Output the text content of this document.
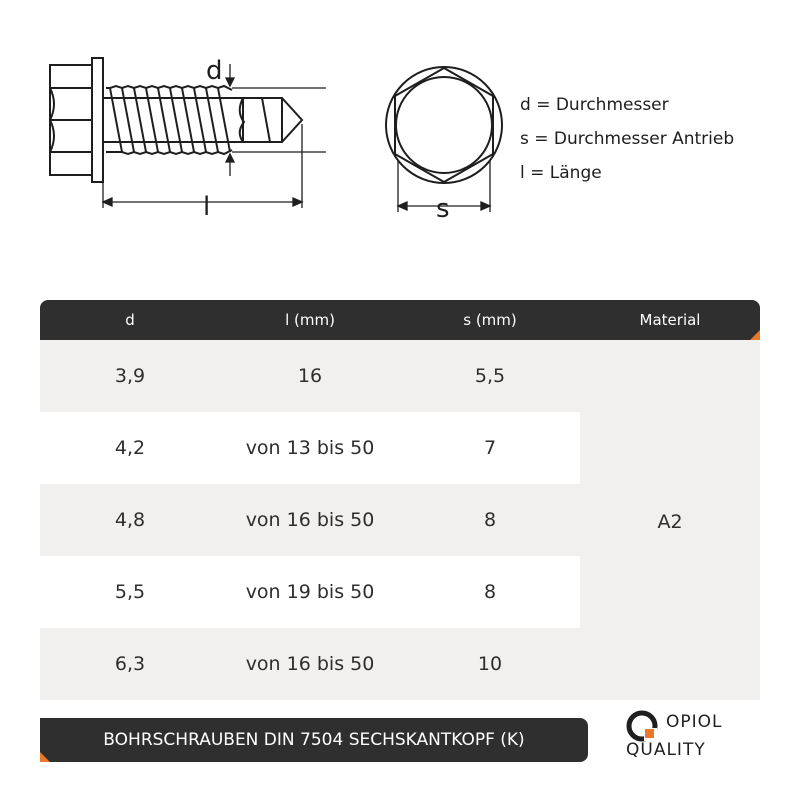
d
l	s
d = Durchmesser
s = Durchmesser Antrieb
l = Länge
d	l (mm)	s (mm)	Material
3,9	16	5,5
4,2	von 13 bis 50	7
4,8	von 16 bis 50	8
5,5	von 19 bis 50	8
6,3	von 16 bis 50	10
A2
BOHRSCHRAUBEN DIN 7504 SECHSKANTKOPF (K)
OPIOL
QUALITY
